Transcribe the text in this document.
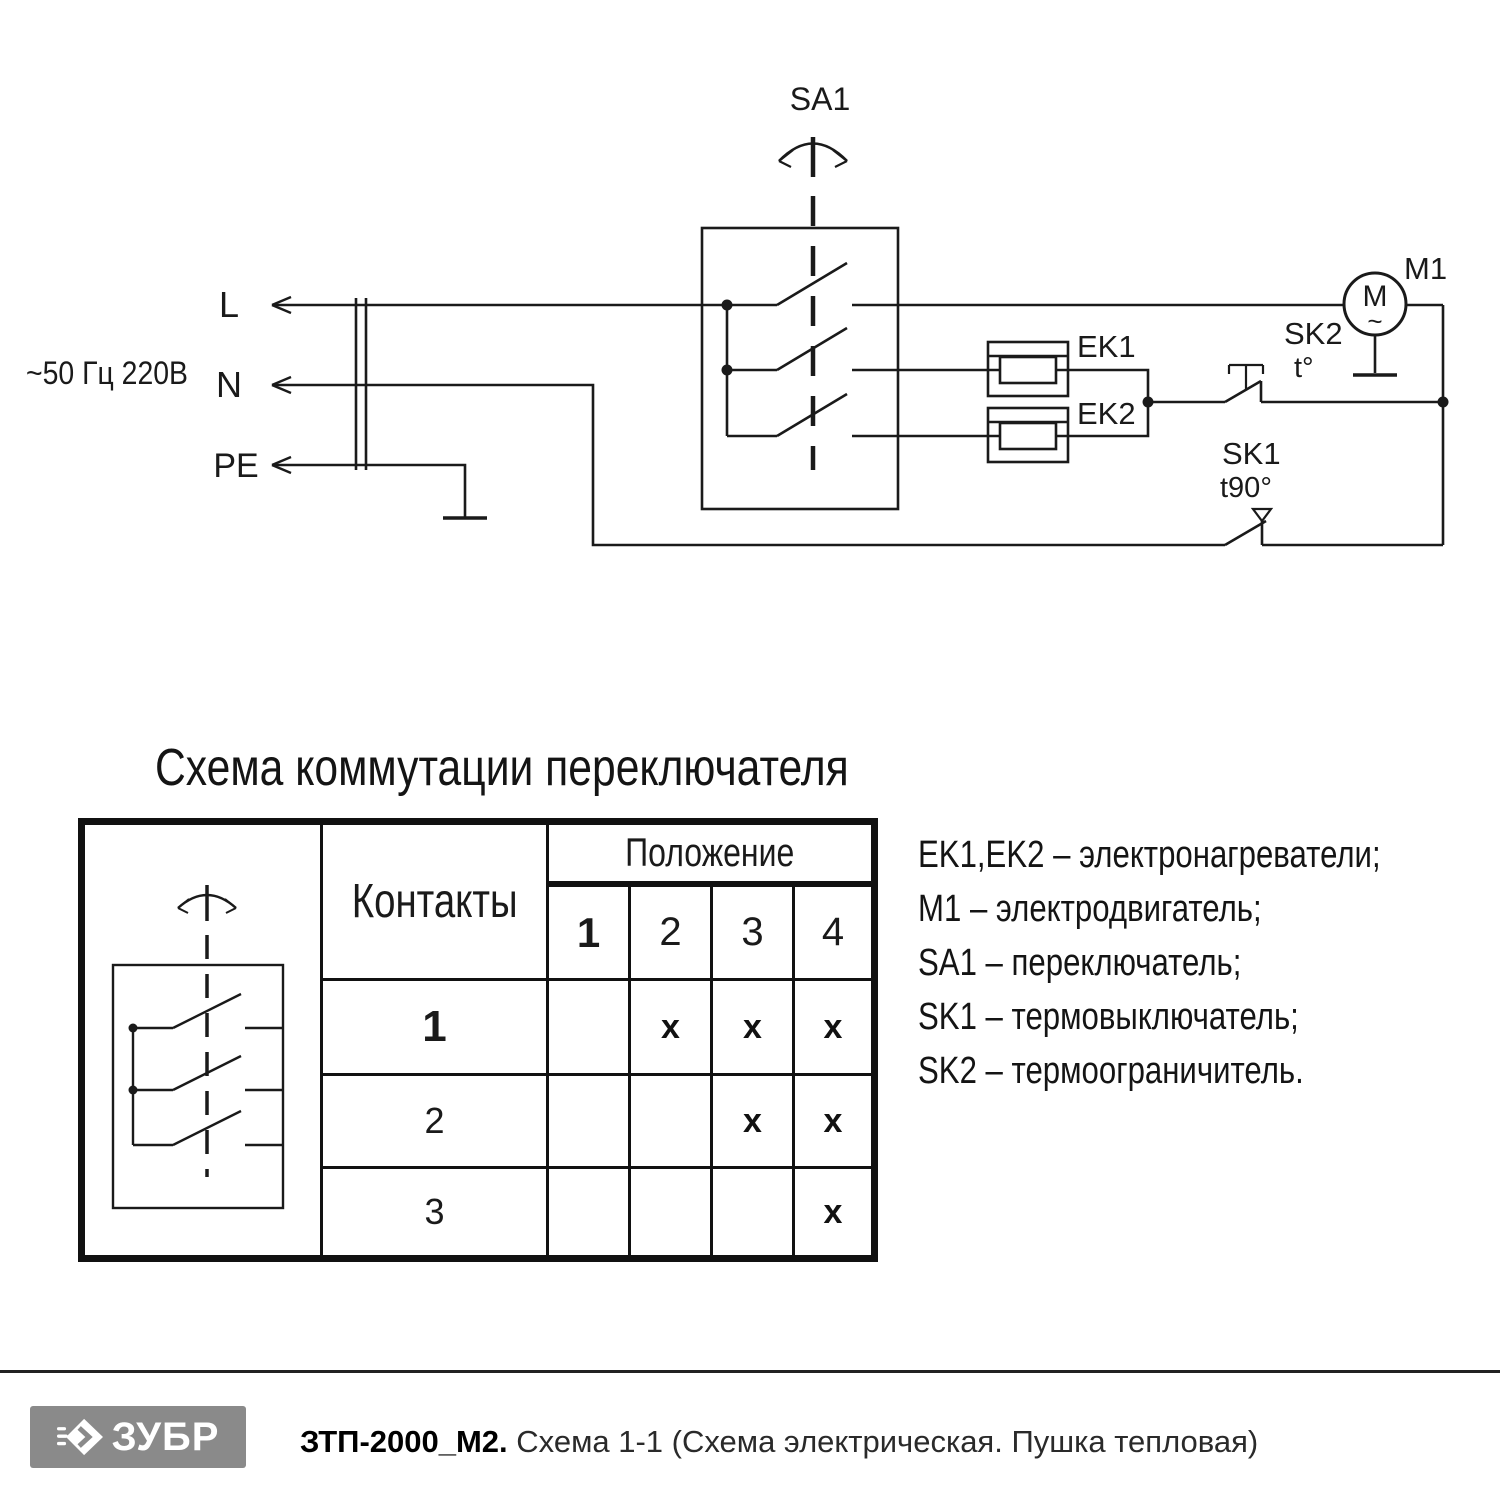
~50 Гц 220В
L
N
PE
SA1
EK1
EK2
SK2
t°
SK1
t90°
M1
M
~
Схема коммутации переключателя
Положение
Контакты
1 2 3 4
1
2
3
x x x
x x
x
EK1,EK2 – электронагреватели;
M1 – электродвигатель;
SA1 – переключатель;
SK1 – термовыключатель;
SK2 – термоограничитель.
ЗУБР	ЗТП-2000_М2. Схема 1-1 (Схема электрическая. Пушка тепловая)
